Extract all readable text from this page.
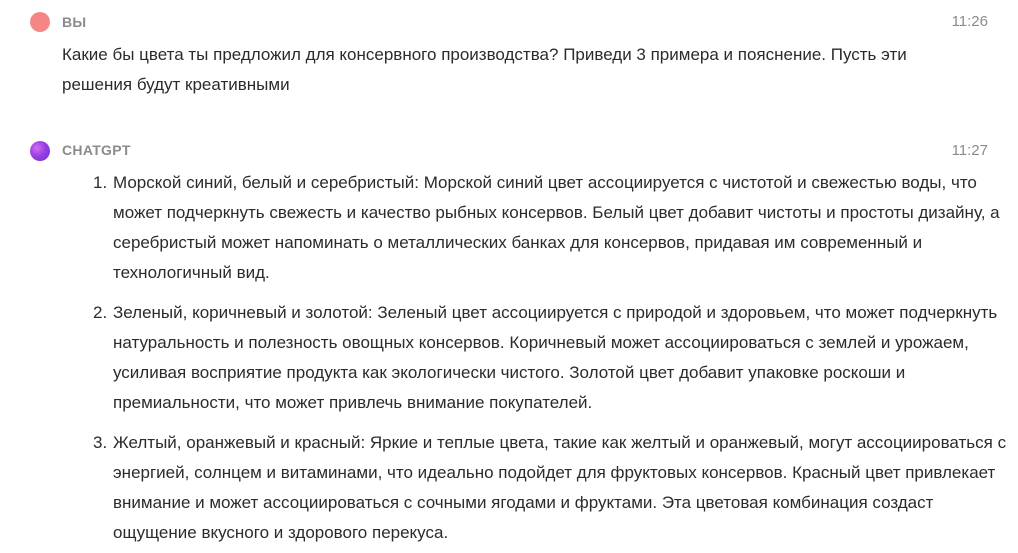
ВЫ	11:26
Какие бы цвета ты предложил для консервного производства? Приведи 3 примера и пояснение. Пусть эти решения будут креативными
CHATGPT	11:27
1. Морской синий, белый и серебристый: Морской синий цвет ассоциируется с чистотой и свежестью воды, что может подчеркнуть свежесть и качество рыбных консервов. Белый цвет добавит чистоты и простоты дизайну, а серебристый может напоминать о металлических банках для консервов, придавая им современный и технологичный вид.
2. Зеленый, коричневый и золотой: Зеленый цвет ассоциируется с природой и здоровьем, что может подчеркнуть натуральность и полезность овощных консервов. Коричневый может ассоциироваться с землей и урожаем, усиливая восприятие продукта как экологически чистого. Золотой цвет добавит упаковке роскоши и премиальности, что может привлечь внимание покупателей.
3. Желтый, оранжевый и красный: Яркие и теплые цвета, такие как желтый и оранжевый, могут ассоциироваться с энергией, солнцем и витаминами, что идеально подойдет для фруктовых консервов. Красный цвет привлекает внимание и может ассоциироваться с сочными ягодами и фруктами. Эта цветовая комбинация создаст ощущение вкусного и здорового перекуса.
